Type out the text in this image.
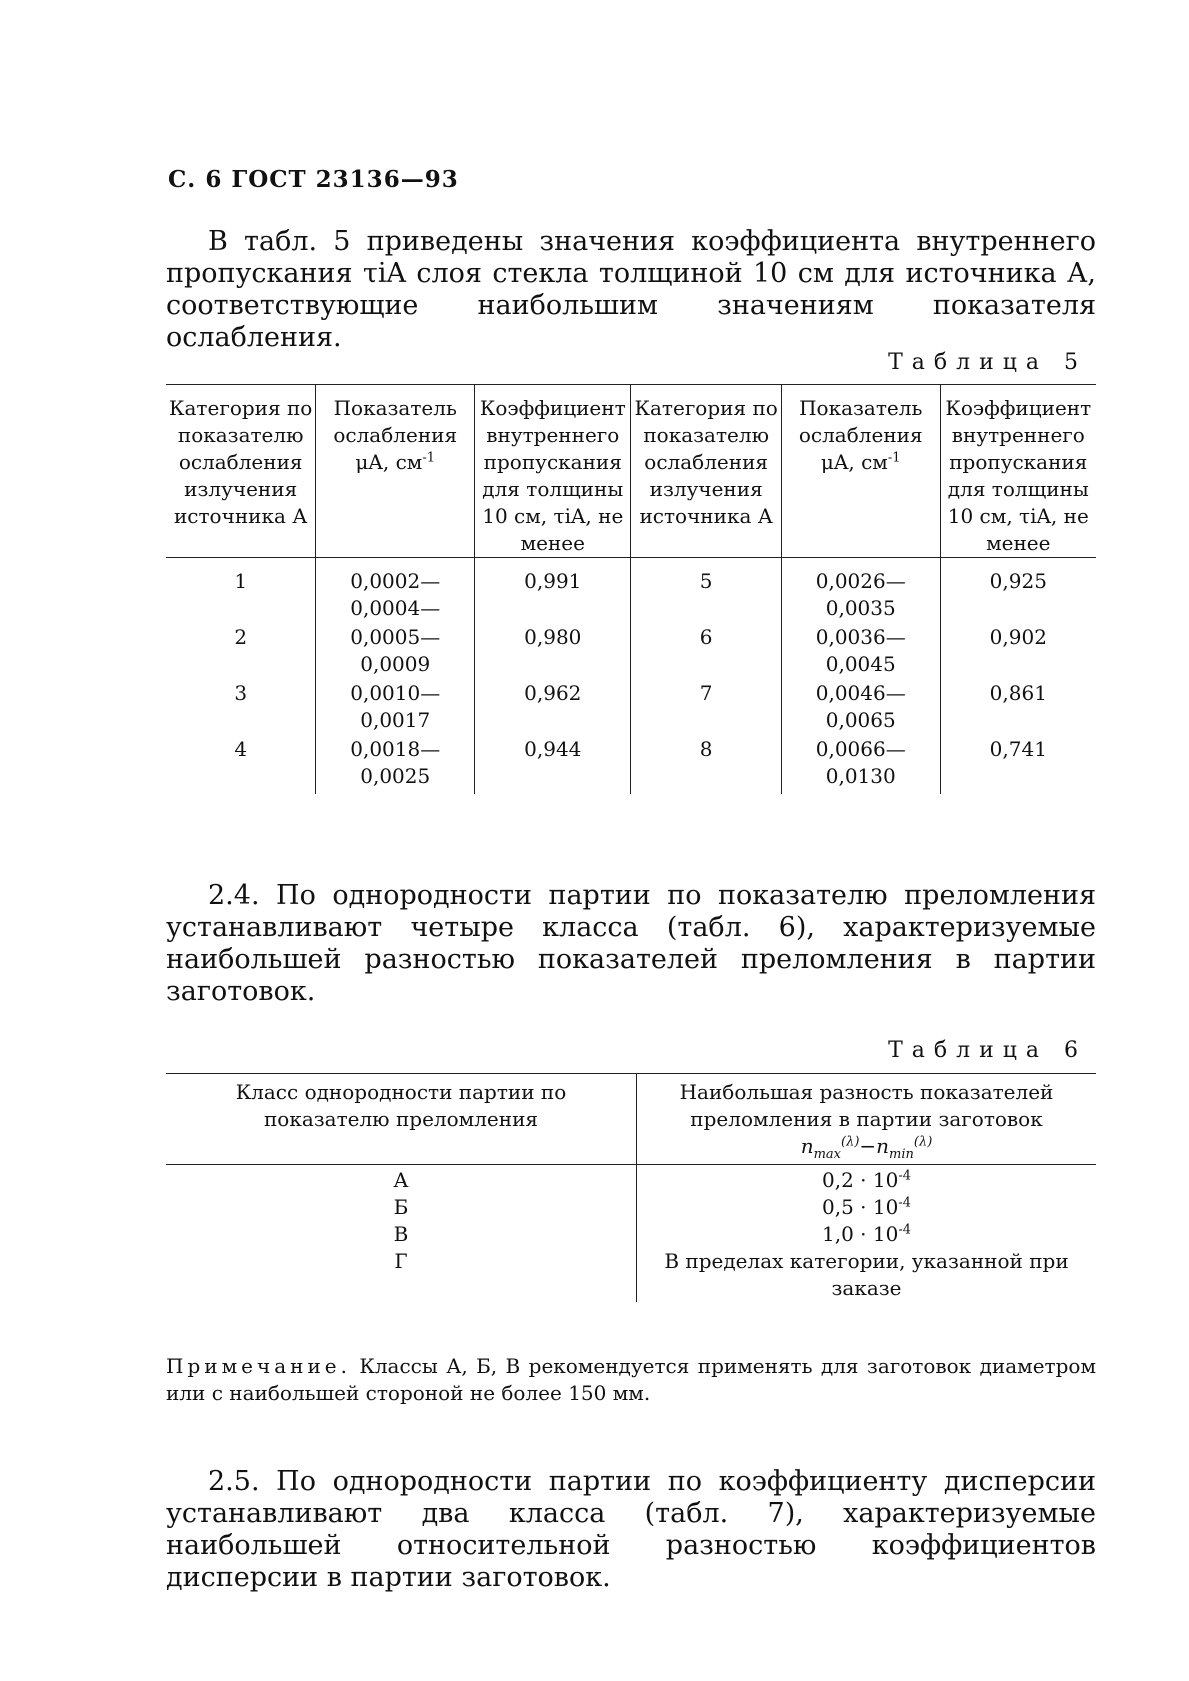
С. 6 ГОСТ 23136—93
В табл. 5 приведены значения коэффициента внутреннего пропускания τiA слоя стекла толщиной 10 см для источника А, соответствующие наибольшим значениям показателя ослабления.
Таблица 5
Категория по показателю ослабления излучения источника А	Показатель ослабления μA, $см^{-1}$	Коэффициент внутреннего пропускания для толщины 10 см, τiA, не менее	Категория по показателю ослабления излучения источника А	Показатель ослабления μA, $см^{-1}$	Коэффициент внутреннего пропускания для толщины 10 см, τiA, не менее
1	0,0002— 0,0004—	0,991	5	0,0026— 0,0035	0,925
2	0,0005— 0,0009	0,980	6	0,0036— 0,0045	0,902
3	0,0010— 0,0017	0,962	7	0,0046— 0,0065	0,861
4	0,0018— 0,0025	0,944	8	0,0066— 0,0130	0,741
2.4. По однородности партии по показателю преломления устанавливают четыре класса (табл. 6), характеризуемые наибольшей разностью показателей преломления в партии заготовок.
Таблица 6
Класс однородности партии по показателю преломления	Наибольшая разность показателей преломления в партии заготовок
$n_{max}^{(\lambda)}-n_{min}^{(\lambda)}$
А	$0,2 \cdot 10^{-4}$
Б	$0,5 \cdot 10^{-4}$
В	$1,0 \cdot 10^{-4}$
Г	В пределах категории, указанной при заказе
Примечание. Классы А, Б, В рекомендуется применять для заготовок диаметром или с наибольшей стороной не более 150 мм.
2.5. По однородности партии по коэффициенту дисперсии устанавливают два класса (табл. 7), характеризуемые наибольшей относительной разностью коэффициентов дисперсии в партии заготовок.
